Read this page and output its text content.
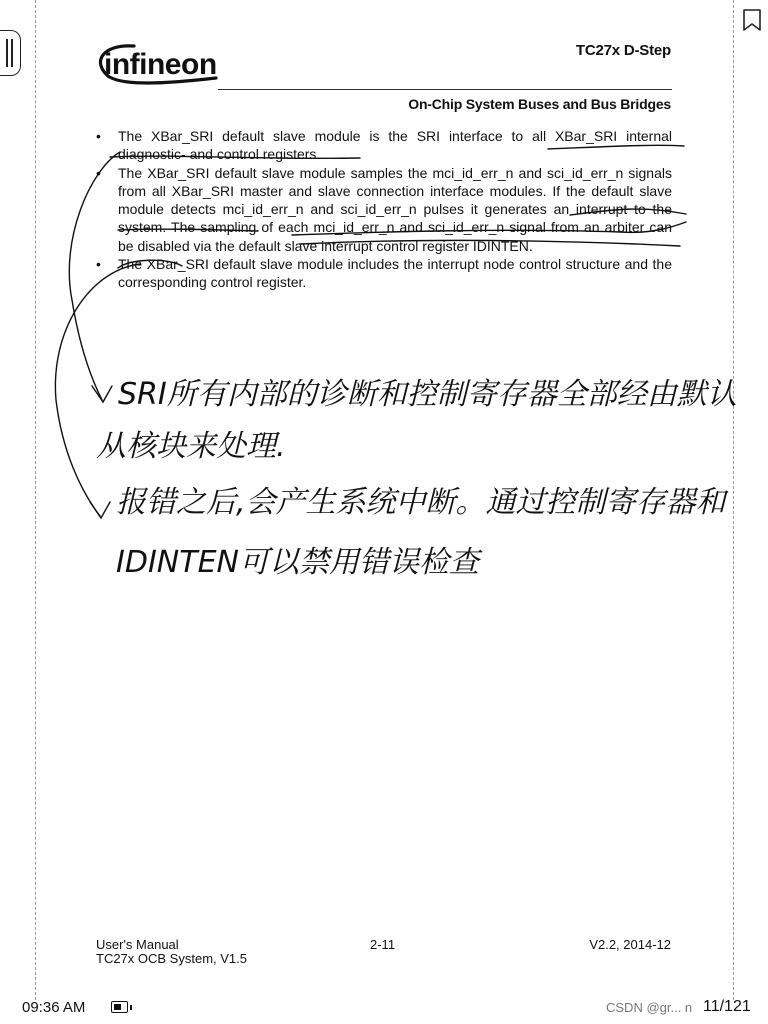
infineon	TC27x D-Step
On-Chip System Buses and Bus Bridges
• The XBar_SRI default slave module is the SRI interface to all XBar_SRI internal diagnostic- and control registers.
• The XBar_SRI default slave module samples the mci_id_err_n and sci_id_err_n signals from all XBar_SRI master and slave connection interface modules. If the default slave module detects mci_id_err_n and sci_id_err_n pulses it generates an interrupt to the system. The sampling of each mci_id_err_n and sci_id_err_n signal from an arbiter can be disabled via the default slave interrupt control register IDINTEN.
• The XBar_SRI default slave module includes the interrupt node control structure and the corresponding control register.
SRI所有内部的诊断和控制寄存器全部经由默认
从核块来处理.
报错之后,会产生系统中断。通过控制寄存器和
IDINTEN可以禁用错误检查
User's Manual
TC27x OCB System, V1.5
2-11	V2.2, 2014-12
09:36 AM	CSDN @gr... n 11/121
